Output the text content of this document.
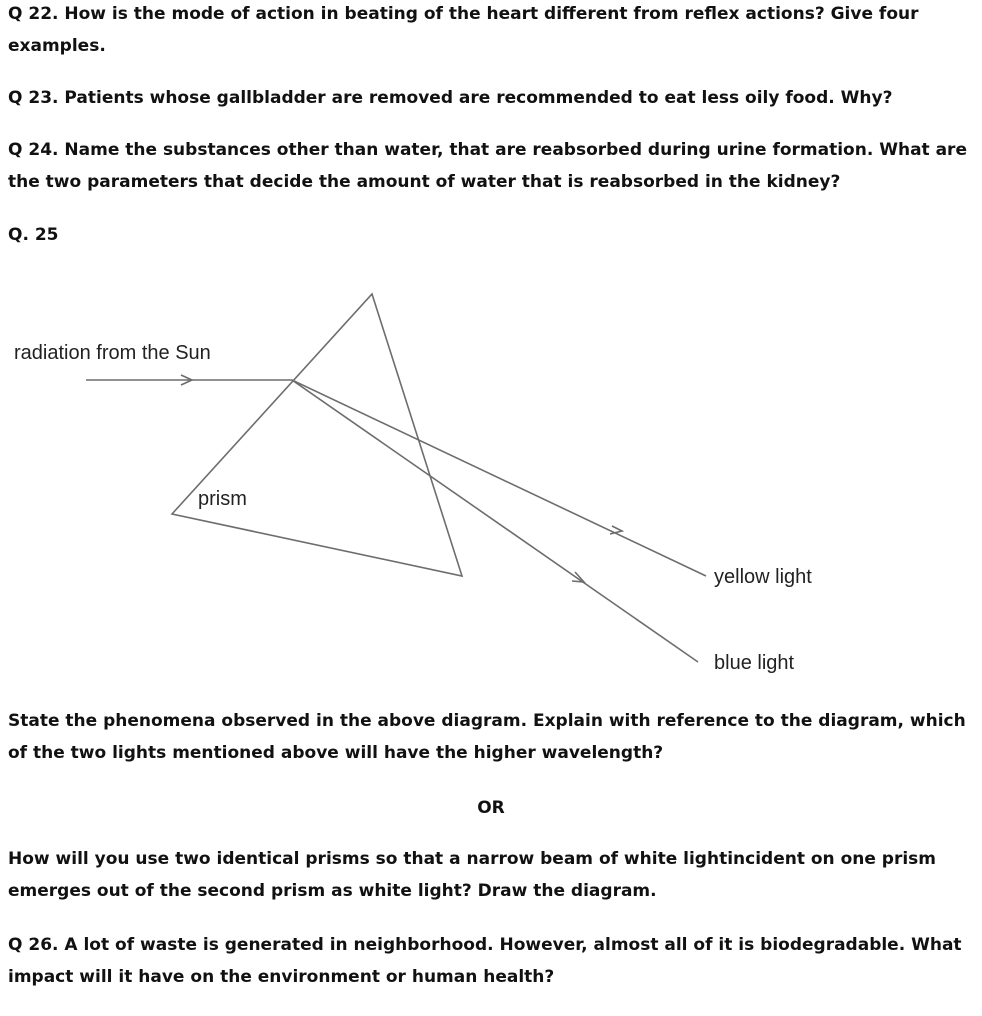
Q 22. How is the mode of action in beating of the heart different from reflex actions? Give four examples.
Q 23. Patients whose gallbladder are removed are recommended to eat less oily food. Why?
Q 24. Name the substances other than water, that are reabsorbed during urine formation. What are the two parameters that decide the amount of water that is reabsorbed in the kidney?
Q. 25
radiation from the Sun
prism
yellow light
blue light
State the phenomena observed in the above diagram. Explain with reference to the diagram, which of the two lights mentioned above will have the higher wavelength?
OR
How will you use two identical prisms so that a narrow beam of white lightincident on one prism emerges out of the second prism as white light? Draw the diagram.
Q 26. A lot of waste is generated in neighborhood. However, almost all of it is biodegradable. What impact will it have on the environment or human health?
